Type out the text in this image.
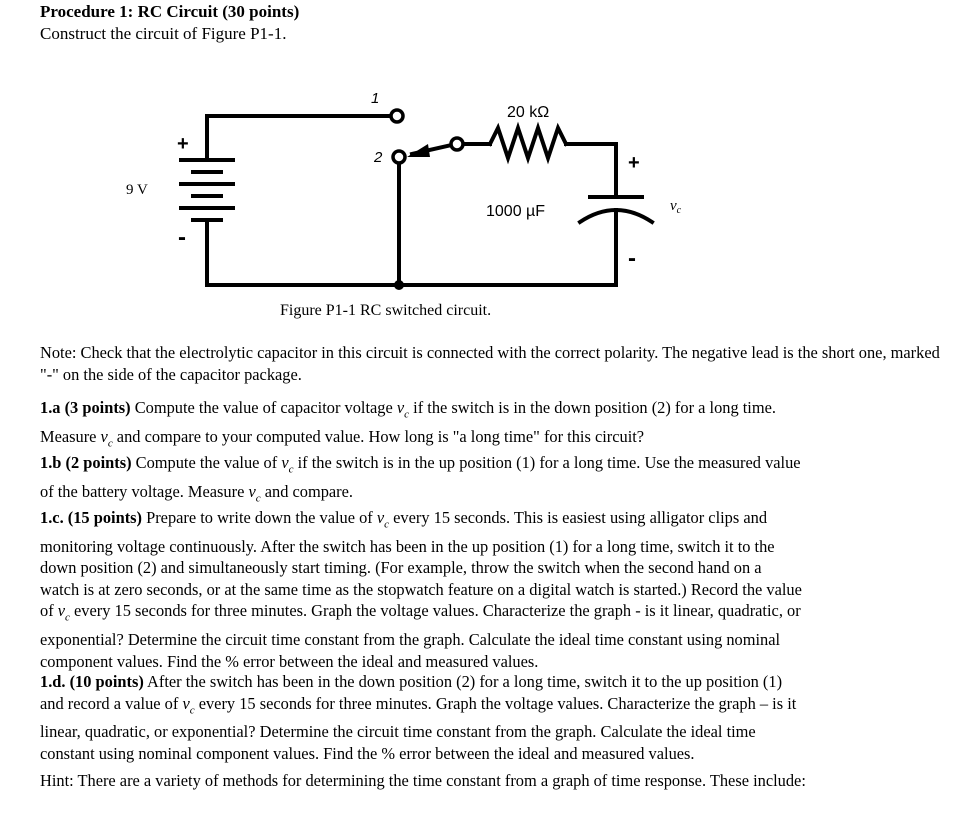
Procedure 1: RC Circuit (30 points)
Construct the circuit of Figure P1-1.
1
2
20 kΩ
1000 µF
9 V
+
-
+
-
$v_c$
Figure P1-1 RC switched circuit.

Note: Check that the electrolytic capacitor in this circuit is connected with the correct polarity. The negative lead is the short one, marked "-" on the side of the capacitor package.

1.a (3 points) Compute the value of capacitor voltage $v_c$ if the switch is in the down position (2) for a long time.
Measure $v_c$ and compare to your computed value. How long is "a long time" for this circuit?

1.b (2 points) Compute the value of $v_c$ if the switch is in the up position (1) for a long time. Use the measured value
of the battery voltage. Measure $v_c$ and compare.

1.c. (15 points) Prepare to write down the value of $v_c$ every 15 seconds. This is easiest using alligator clips and
monitoring voltage continuously. After the switch has been in the up position (1) for a long time, switch it to the
down position (2) and simultaneously start timing. (For example, throw the switch when the second hand on a
watch is at zero seconds, or at the same time as the stopwatch feature on a digital watch is started.) Record the value
of $v_c$ every 15 seconds for three minutes. Graph the voltage values. Characterize the graph - is it linear, quadratic, or
exponential? Determine the circuit time constant from the graph. Calculate the ideal time constant using nominal
component values. Find the % error between the ideal and measured values.

1.d. (10 points) After the switch has been in the down position (2) for a long time, switch it to the up position (1)
and record a value of $v_c$ every 15 seconds for three minutes. Graph the voltage values. Characterize the graph – is it
linear, quadratic, or exponential? Determine the circuit time constant from the graph. Calculate the ideal time
constant using nominal component values. Find the % error between the ideal and measured values.

Hint: There are a variety of methods for determining the time constant from a graph of time response. These include:
